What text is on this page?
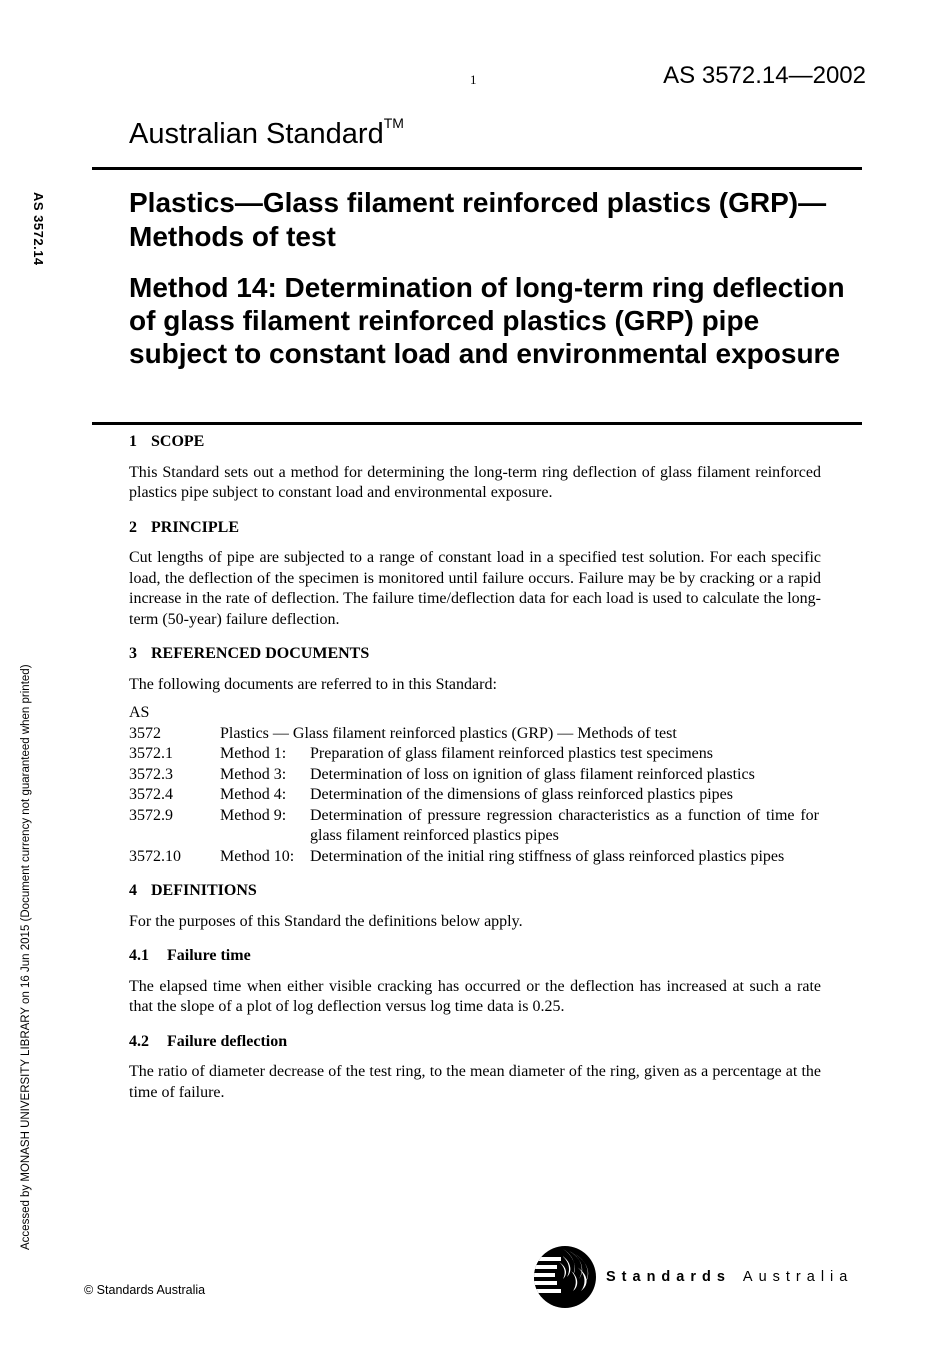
1	AS 3572.14—2002
Australian Standard™
Plastics—Glass filament reinforced plastics (GRP)—Methods of test
Method 14: Determination of long-term ring deflection of glass filament reinforced plastics (GRP) pipe subject to constant load and environmental exposure
AS 3572.14
Accessed by MONASH UNIVERSITY LIBRARY on 16 Jun 2015 (Document currency not guaranteed when printed)
1 SCOPE

This Standard sets out a method for determining the long-term ring deflection of glass filament reinforced plastics pipe subject to constant load and environmental exposure.

2 PRINCIPLE

Cut lengths of pipe are subjected to a range of constant load in a specified test solution. For each specific load, the deflection of the specimen is monitored until failure occurs. Failure may be by cracking or a rapid increase in the rate of deflection. The failure time/deflection data for each load is used to calculate the long-term (50-year) failure deflection.

3 REFERENCED DOCUMENTS

The following documents are referred to in this Standard:

AS
3572	Plastics — Glass filament reinforced plastics (GRP) — Methods of test	
3572.1	Method 1:	Preparation of glass filament reinforced plastics test specimens
3572.3	Method 3:	Determination of loss on ignition of glass filament reinforced plastics
3572.4	Method 4:	Determination of the dimensions of glass reinforced plastics pipes
3572.9	Method 9:	Determination of pressure regression characteristics as a function of time for glass filament reinforced plastics pipes
3572.10	Method 10:	Determination of the initial ring stiffness of glass reinforced plastics pipes
4 DEFINITIONS

For the purposes of this Standard the definitions below apply.

4.1 Failure time

The elapsed time when either visible cracking has occurred or the deflection has increased at such a rate that the slope of a plot of log deflection versus log time data is 0.25.

4.2 Failure deflection

The ratio of diameter decrease of the test ring, to the mean diameter of the ring, given as a percentage at the time of failure.

© Standards Australia
Standards Australia
